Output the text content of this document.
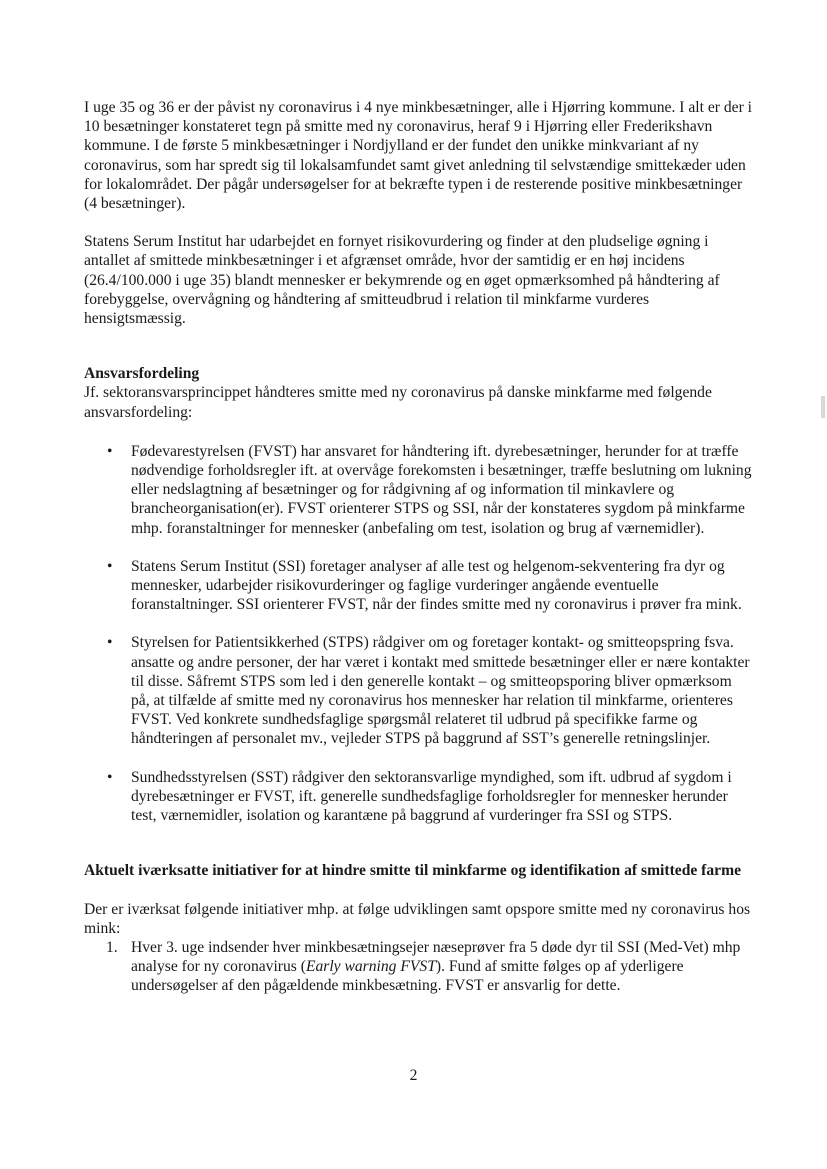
I uge 35 og 36 er der påvist ny coronavirus i 4 nye minkbesætninger, alle i Hjørring kommune. I alt er der i 10 besætninger konstateret tegn på smitte med ny coronavirus, heraf 9 i Hjørring eller Frederikshavn kommune. I de første 5 minkbesætninger i Nordjylland er der fundet den unikke minkvariant af ny coronavirus, som har spredt sig til lokalsamfundet samt givet anledning til selvstændige smittekæder uden for lokalområdet. Der pågår undersøgelser for at bekræfte typen i de resterende positive minkbesætninger (4 besætninger).

Statens Serum Institut har udarbejdet en fornyet risikovurdering og finder at den pludselige øgning i antallet af smittede minkbesætninger i et afgrænset område, hvor der samtidig er en høj incidens (26.4/100.000 i uge 35) blandt mennesker er bekymrende og en øget opmærksomhed på håndtering af forebyggelse, overvågning og håndtering af smitteudbrud i relation til minkfarme vurderes hensigtsmæssig.

Ansvarsfordeling

Jf. sektoransvarsprincippet håndteres smitte med ny coronavirus på danske minkfarme med følgende ansvarsfordeling:

• Fødevarestyrelsen (FVST) har ansvaret for håndtering ift. dyrebesætninger, herunder for at træffe nødvendige forholdsregler ift. at overvåge forekomsten i besætninger, træffe beslutning om lukning eller nedslagtning af besætninger og for rådgivning af og information til minkavlere og brancheorganisation(er). FVST orienterer STPS og SSI, når der konstateres sygdom på minkfarme mhp. foranstaltninger for mennesker (anbefaling om test, isolation og brug af værnemidler).
• Statens Serum Institut (SSI) foretager analyser af alle test og helgenom-sekventering fra dyr og mennesker, udarbejder risikovurderinger og faglige vurderinger angående eventuelle foranstaltninger. SSI orienterer FVST, når der findes smitte med ny coronavirus i prøver fra mink.
• Styrelsen for Patientsikkerhed (STPS) rådgiver om og foretager kontakt- og smitteopspring fsva. ansatte og andre personer, der har været i kontakt med smittede besætninger eller er nære kontakter til disse. Såfremt STPS som led i den generelle kontakt – og smitteopsporing bliver opmærksom på, at tilfælde af smitte med ny coronavirus hos mennesker har relation til minkfarme, orienteres FVST. Ved konkrete sundhedsfaglige spørgsmål relateret til udbrud på specifikke farme og håndteringen af personalet mv., vejleder STPS på baggrund af SST’s generelle retningslinjer.
• Sundhedsstyrelsen (SST) rådgiver den sektoransvarlige myndighed, som ift. udbrud af sygdom i dyrebesætninger er FVST, ift. generelle sundhedsfaglige forholdsregler for mennesker herunder test, værnemidler, isolation og karantæne på baggrund af vurderinger fra SSI og STPS.

Aktuelt iværksatte initiativer for at hindre smitte til minkfarme og identifikation af smittede farme

Der er iværksat følgende initiativer mhp. at følge udviklingen samt opspore smitte med ny coronavirus hos mink:

1. Hver 3. uge indsender hver minkbesætningsejer næseprøver fra 5 døde dyr til SSI (Med-Vet) mhp analyse for ny coronavirus (Early warning FVST). Fund af smitte følges op af yderligere undersøgelser af den pågældende minkbesætning. FVST er ansvarlig for dette.
2
